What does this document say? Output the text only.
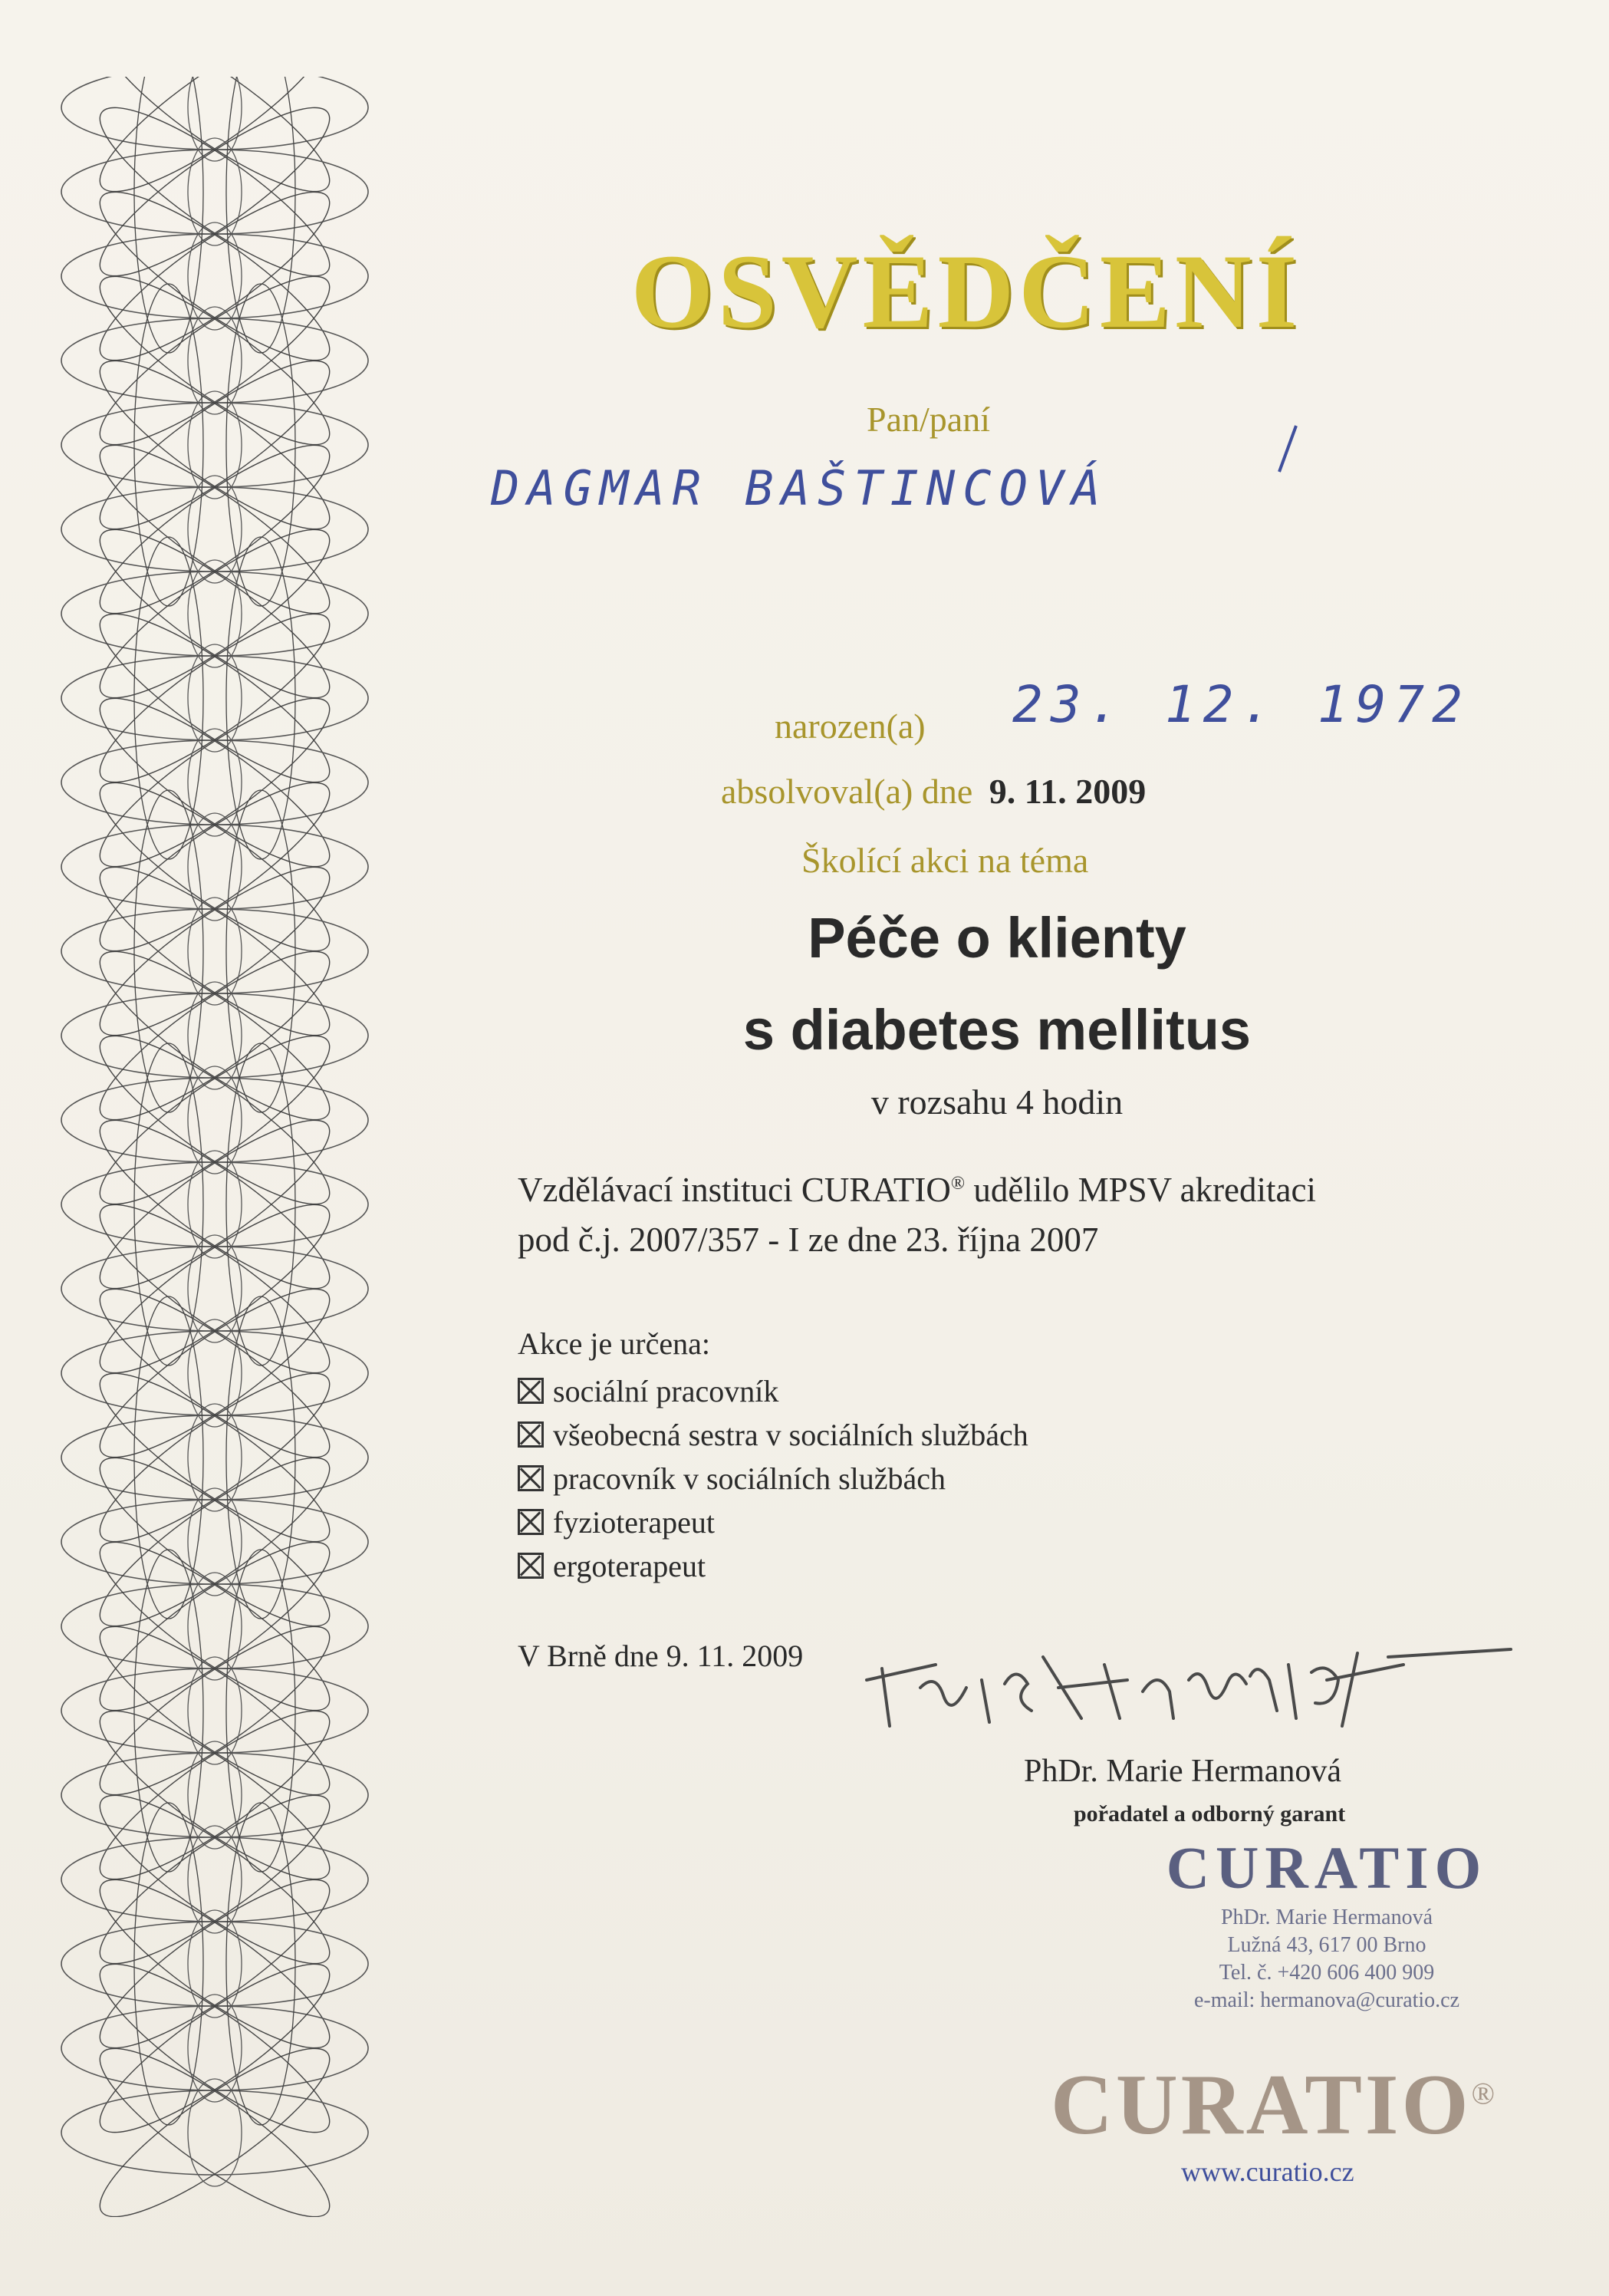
OSVĚDČENÍ
Pan/paní
DAGMAR BAŠTINCOVÁ
narozen(a) 23. 12. 1972
absolvoval(a) dne 9. 11. 2009
Školící akci na téma
Péče o klienty
s diabetes mellitus
v rozsahu 4 hodin
Vzdělávací instituci CURATIO® udělilo MPSV akreditaci
pod č.j. 2007/357 - I ze dne 23. října 2007
Akce je určena:
sociální pracovník
všeobecná sestra v sociálních službách
pracovník v sociálních službách
fyzioterapeut
ergoterapeut
V Brně dne 9. 11. 2009
PhDr. Marie Hermanová
pořadatel a odborný garant
CURATIO
PhDr. Marie Hermanová
Lužná 43, 617 00 Brno
Tel. č. +420 606 400 909
e-mail: hermanova@curatio.cz
CURATIO®
www.curatio.cz
